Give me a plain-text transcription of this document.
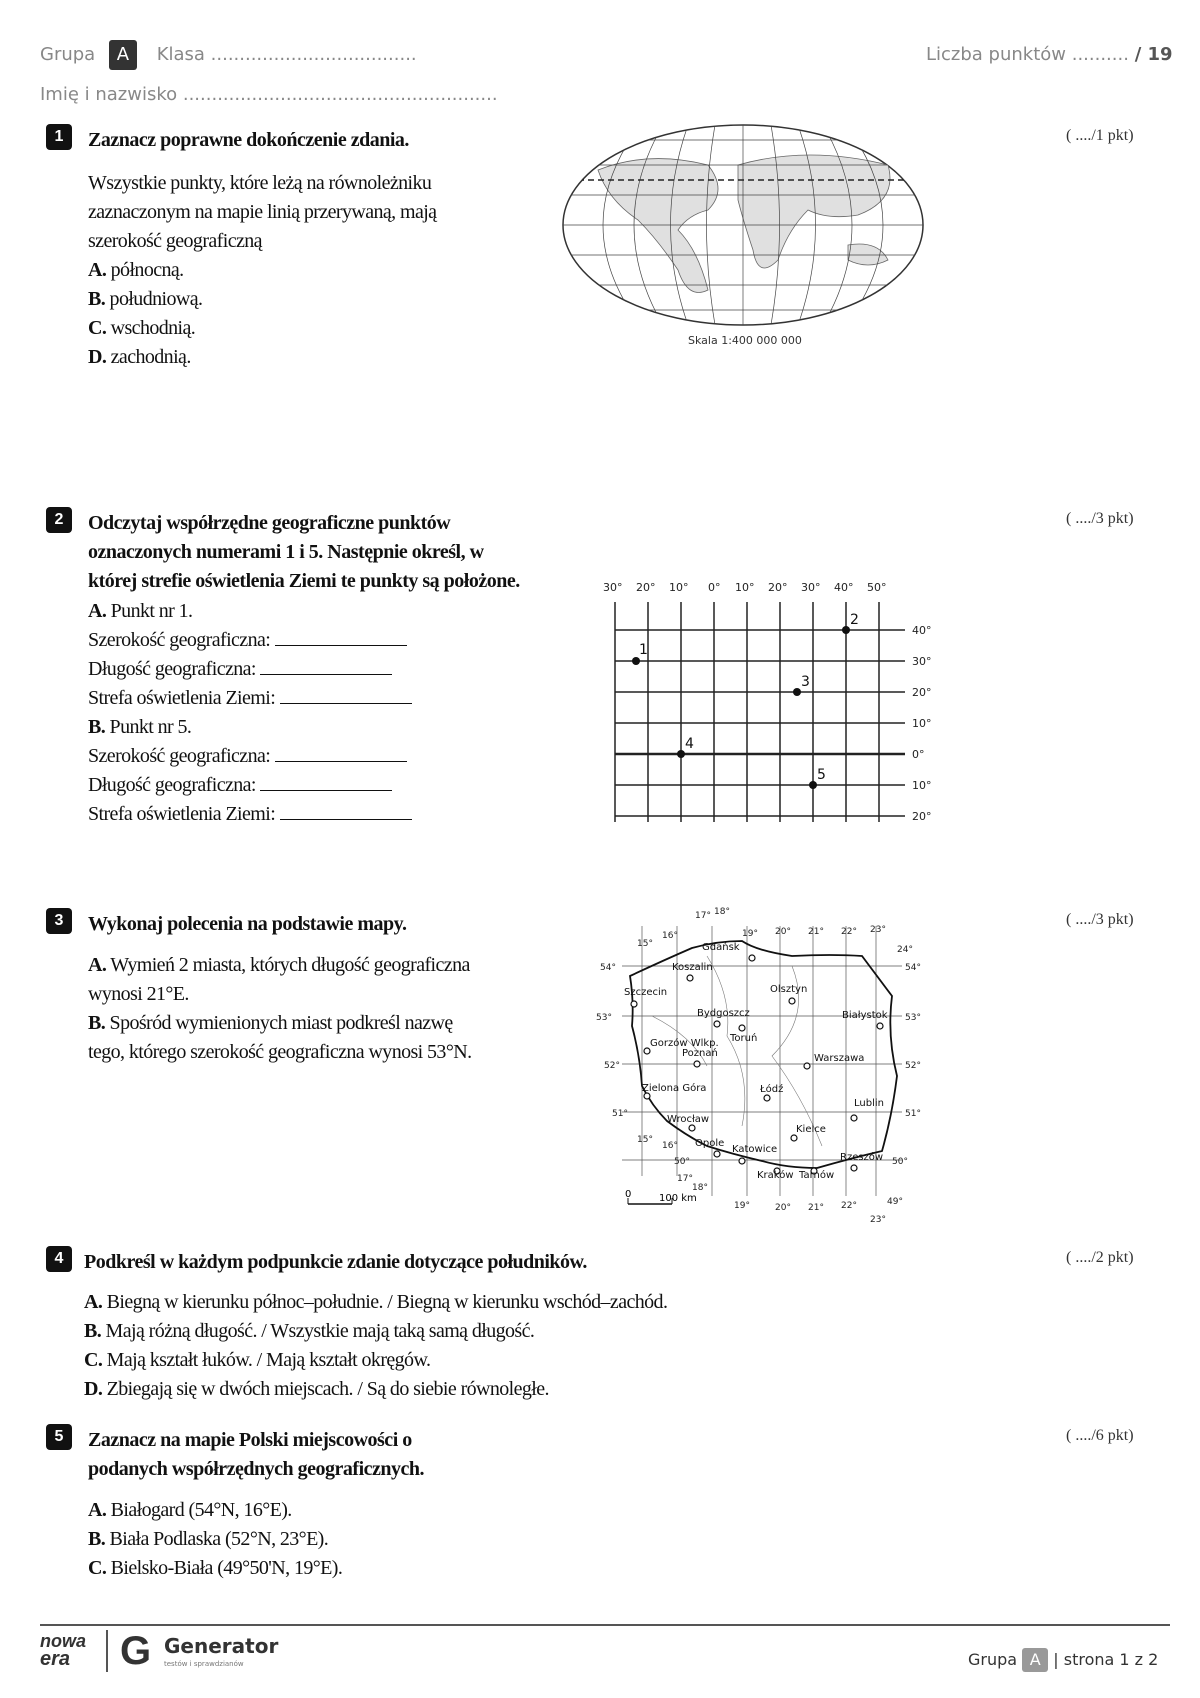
Grupa A Klasa ....................................	Liczba punktów .......... / 19
Imię i nazwisko .......................................................
1	Zaznacz poprawne dokończenie zdania.	( ..../1 pkt)
Wszystkie punkty, które leżą na równoleżniku
zaznaczonym na mapie linią przerywaną, mają
szerokość geograficzną
A. północną.
B. południową.
C. wschodnią.
D. zachodnią.
Skala 1:400 000 000
2	Odczytaj współrzędne geograficzne punktów
oznaczonych numerami 1 i 5. Następnie określ, w
której strefie oświetlenia Ziemi te punkty są położone.
( ..../3 pkt)
A. Punkt nr 1.
Szerokość geograficzna:
Długość geograficzna:
Strefa oświetlenia Ziemi:
B. Punkt nr 5.
Szerokość geograficzna:
Długość geograficzna:
Strefa oświetlenia Ziemi:
30° 20° 10° 0° 10° 20° 30° 40° 50°
40°
30°
20°
10°
0°
10°
20°
1
2
3
4
5
3	Wykonaj polecenia na podstawie mapy.	( ..../3 pkt)
A. Wymień 2 miasta, których długość geograficzna
wynosi 21°E.
B. Spośród wymienionych miast podkreśl nazwę
tego, którego szerokość geograficzna wynosi 53°N.
Gdańsk
Koszalin
Szczecin	Olsztyn
Białystok
Bydgoszcz
Toruń
Gorzów Wlkp.
Poznań	Warszawa
Zielona Góra	Łódź
Lublin
Wrocław
Kielce
Opole
Katowice
Rzeszów
Kraków Tarnów
17° 18°
19° 20° 21° 22° 23°
16°
15°
24°
17°
18°
19°	20° 21° 22°
23°
15°
16°
54°	54°
53°	53°
52°	52°
51°	51°
50°	50°
49°
0	100 km
4	Podkreśl w każdym podpunkcie zdanie dotyczące południków.	( ..../2 pkt)
A. Biegną w kierunku północ–południe. / Biegną w kierunku wschód–zachód.
B. Mają różną długość. / Wszystkie mają taką samą długość.
C. Mają kształt łuków. / Mają kształt okręgów.
D. Zbiegają się w dwóch miejscach. / Są do siebie równoległe.
5	Zaznacz na mapie Polski miejscowości o
podanych współrzędnych geograficznych.
( ..../6 pkt)
A. Białogard (54°N, 16°E).
B. Biała Podlaska (52°N, 23°E).
C. Bielsko-Biała (49°50'N, 19°E).
nowa
era	G Generator
testów i sprawdzianów	Grupa A | strona 1 z 2
